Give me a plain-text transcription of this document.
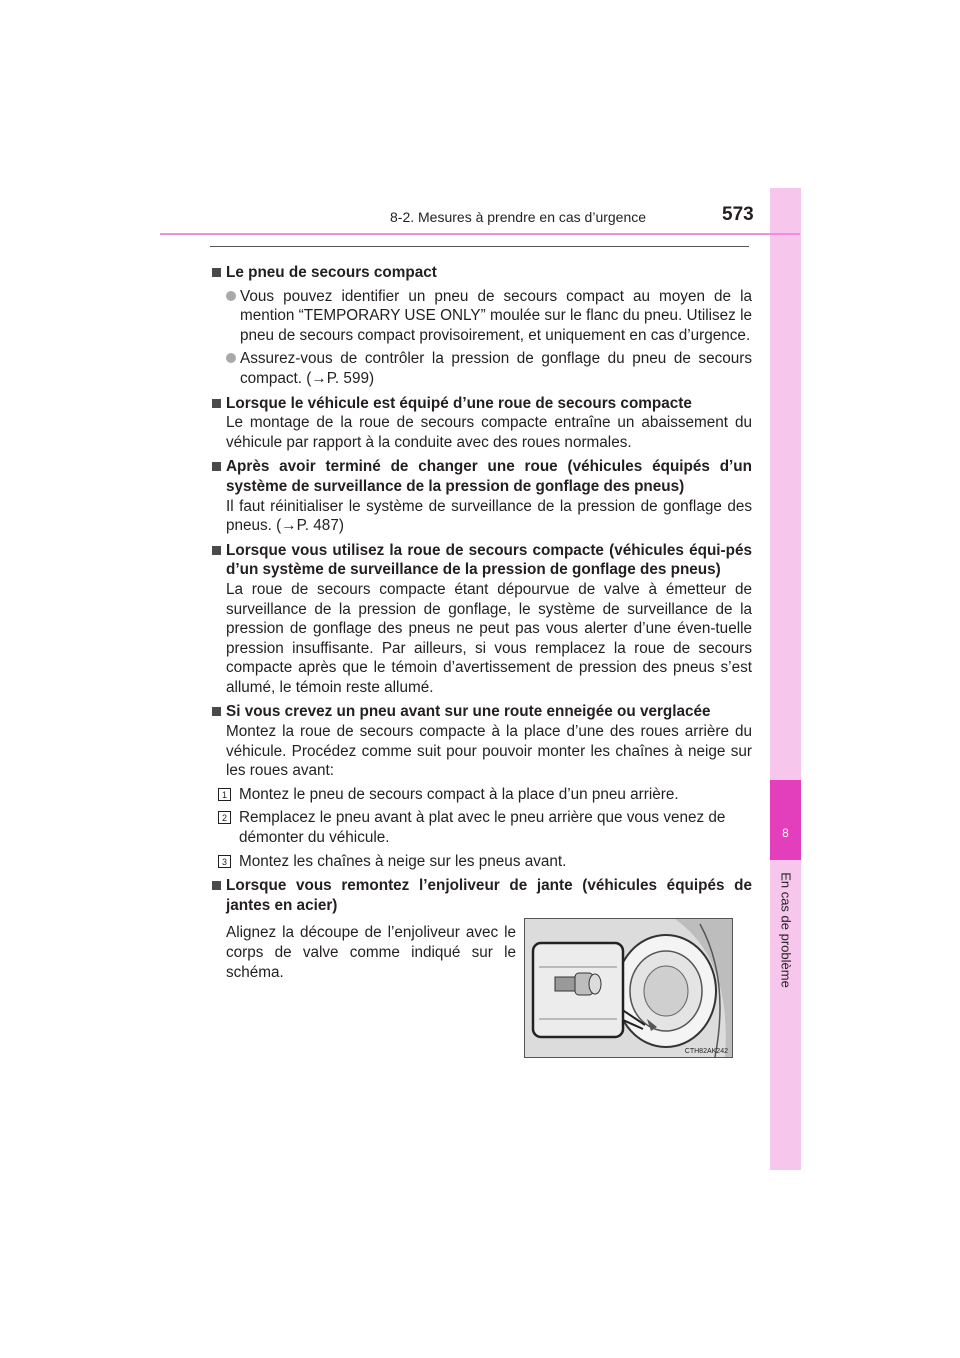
8
En cas de problème
8-2. Mesures à prendre en cas d’urgence	573
Le pneu de secours compact
Vous pouvez identifier un pneu de secours compact au moyen de la mention “TEMPORARY USE ONLY” moulée sur le flanc du pneu. Utilisez le pneu de secours compact provisoirement, et uniquement en cas d’urgence.
Assurez-vous de contrôler la pression de gonflage du pneu de secours compact. (→P. 599)
Lorsque le véhicule est équipé d’une roue de secours compacte
Le montage de la roue de secours compacte entraîne un abaissement du véhicule par rapport à la conduite avec des roues normales.
Après avoir terminé de changer une roue (véhicules équipés d’un système de surveillance de la pression de gonflage des pneus)
Il faut réinitialiser le système de surveillance de la pression de gonflage des pneus. (→P. 487)
Lorsque vous utilisez la roue de secours compacte (véhicules équi-pés d’un système de surveillance de la pression de gonflage des pneus)
La roue de secours compacte étant dépourvue de valve à émetteur de surveillance de la pression de gonflage, le système de surveillance de la pression de gonflage des pneus ne peut pas vous alerter d’une éven-tuelle pression insuffisante. Par ailleurs, si vous remplacez la roue de secours compacte après que le témoin d’avertissement de pression des pneus s’est allumé, le témoin reste allumé.
Si vous crevez un pneu avant sur une route enneigée ou verglacée
Montez la roue de secours compacte à la place d’une des roues arrière du véhicule. Procédez comme suit pour pouvoir monter les chaînes à neige sur les roues avant:
1 Montez le pneu de secours compact à la place d’un pneu arrière.
2 Remplacez le pneu avant à plat avec le pneu arrière que vous venez de démonter du véhicule.
3 Montez les chaînes à neige sur les pneus avant.
Lorsque vous remontez l’enjoliveur de jante (véhicules équipés de jantes en acier)
Alignez la découpe de l’enjoliveur avec le corps de valve comme indiqué sur le schéma.
CTH82AK242
